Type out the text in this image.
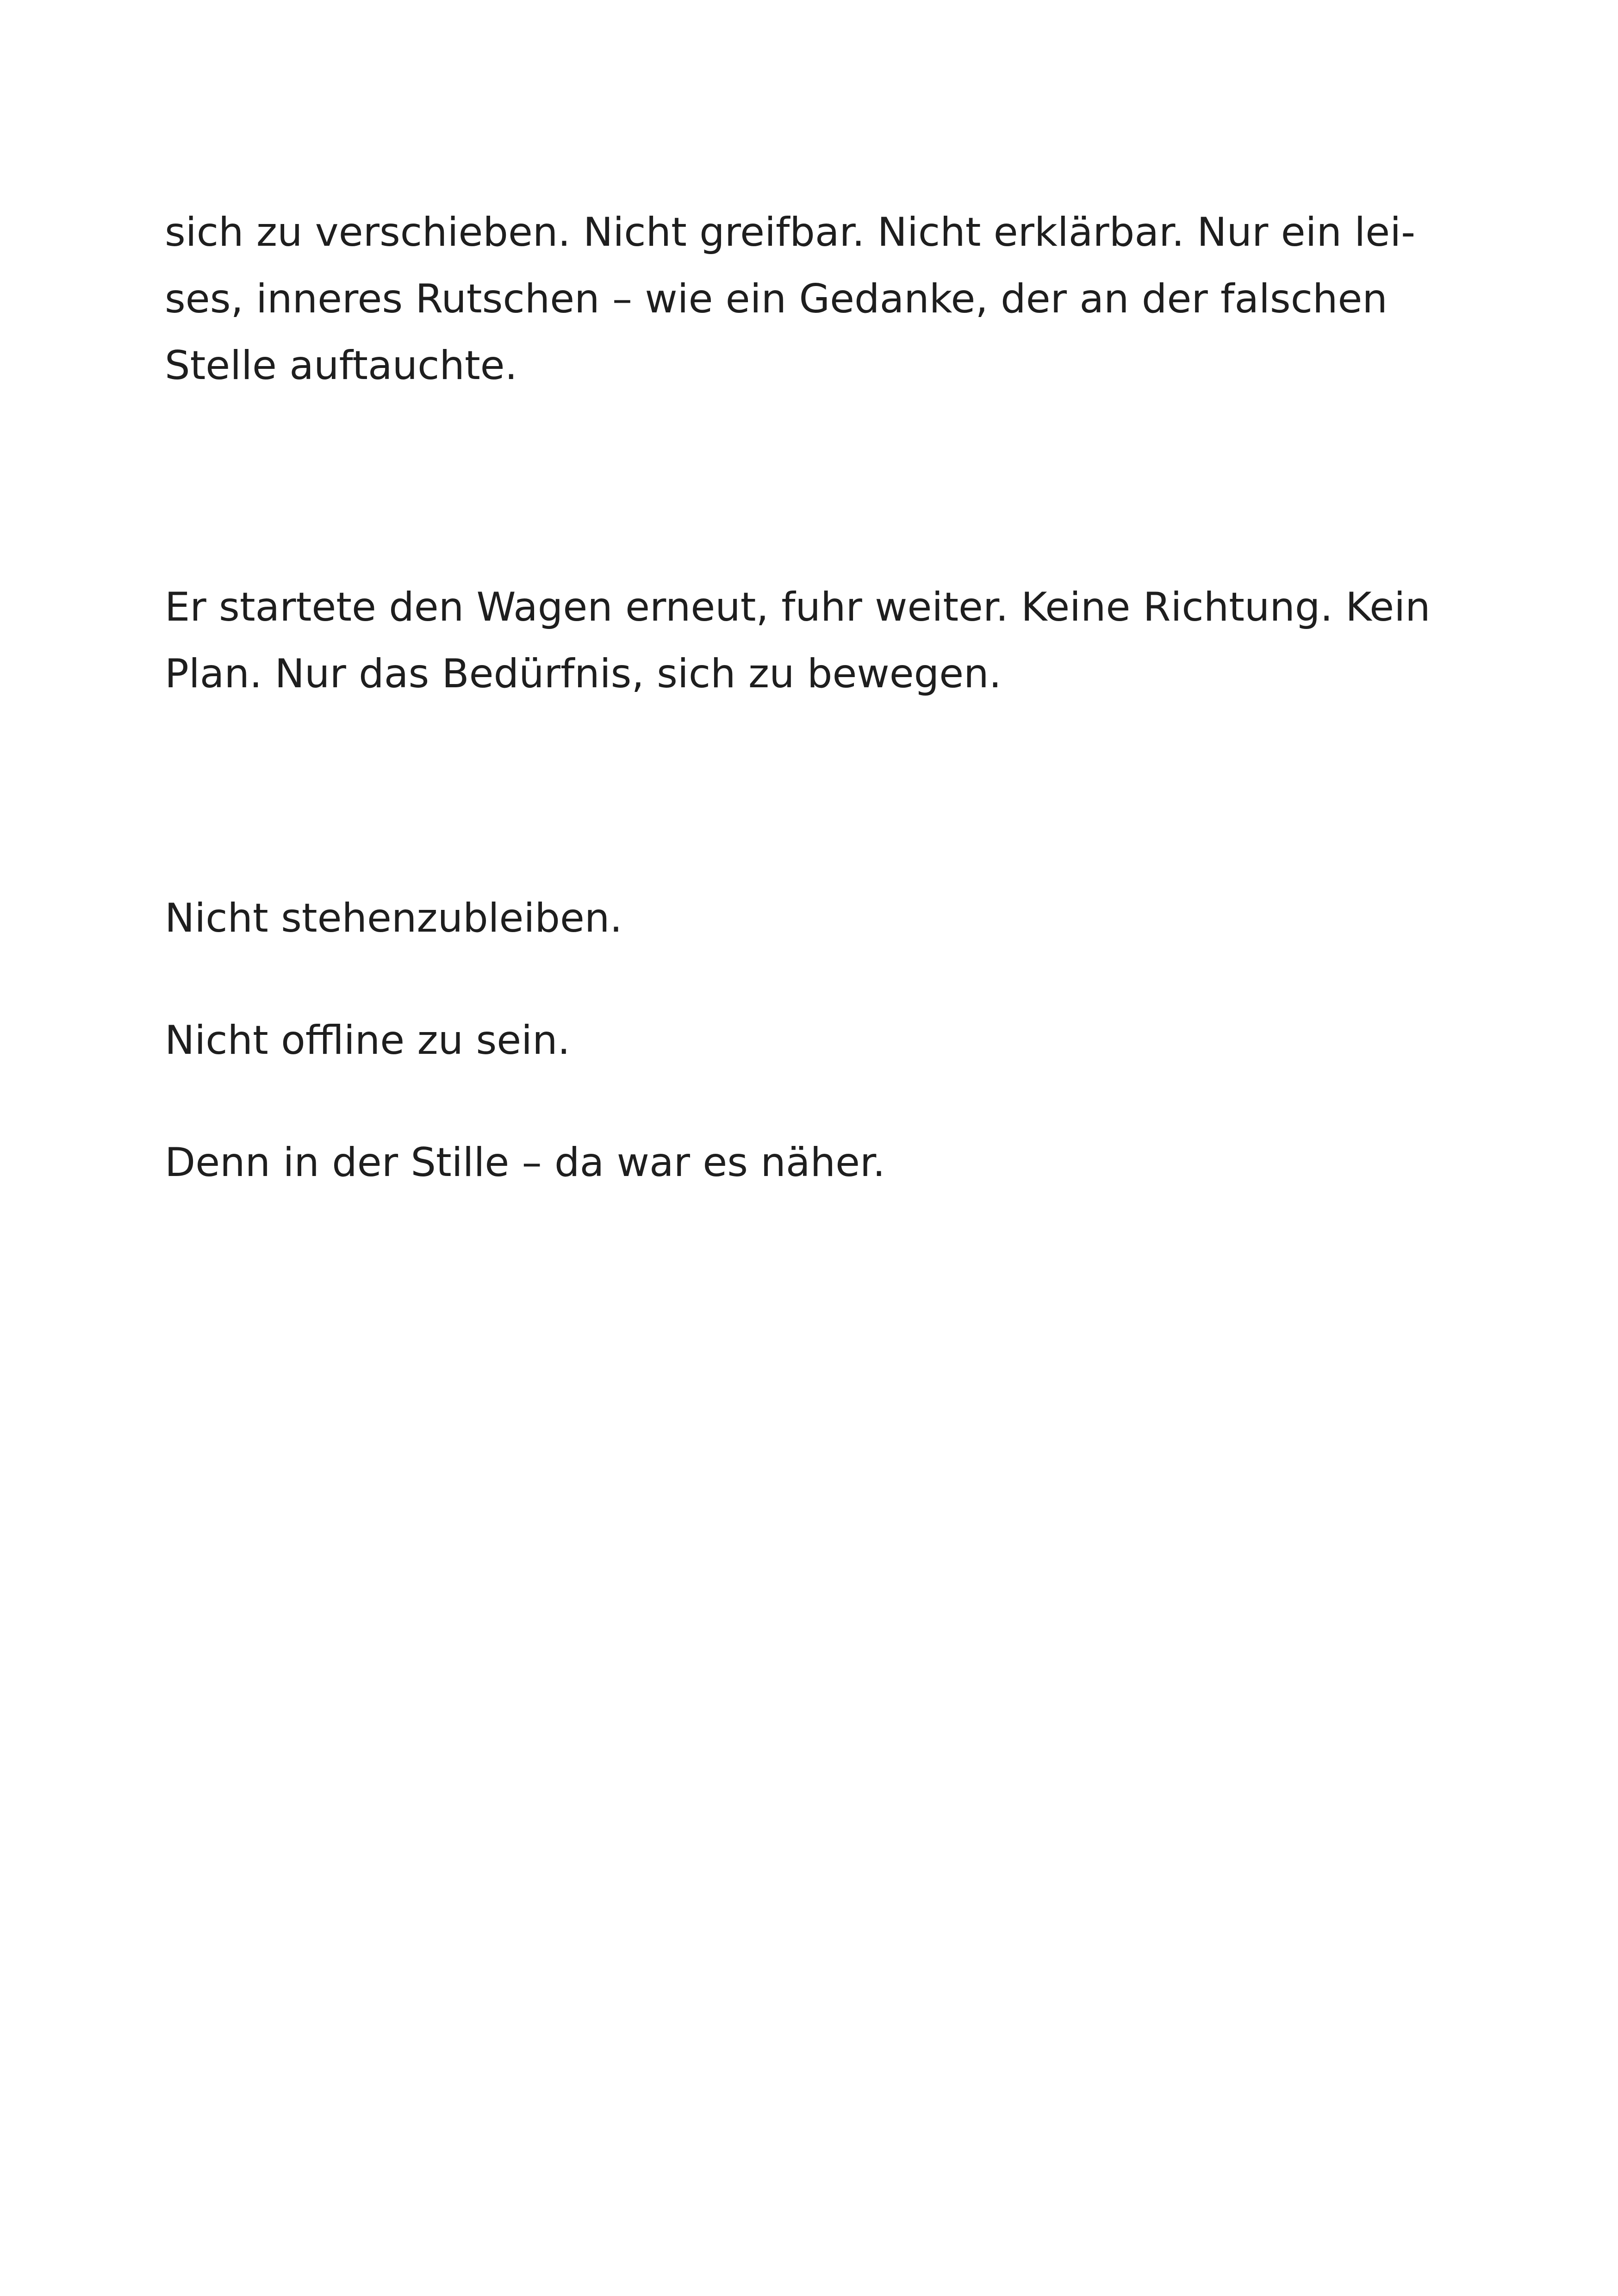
sich zu verschieben. Nicht greifbar. Nicht erklärbar. Nur ein lei-
ses, inneres Rutschen – wie ein Gedanke, der an der falschen
Stelle auftauchte.

Er startete den Wagen erneut, fuhr weiter. Keine Richtung. Kein
Plan. Nur das Bedürfnis, sich zu bewegen.

Nicht stehenzubleiben.

Nicht offline zu sein.

Denn in der Stille – da war es näher.
